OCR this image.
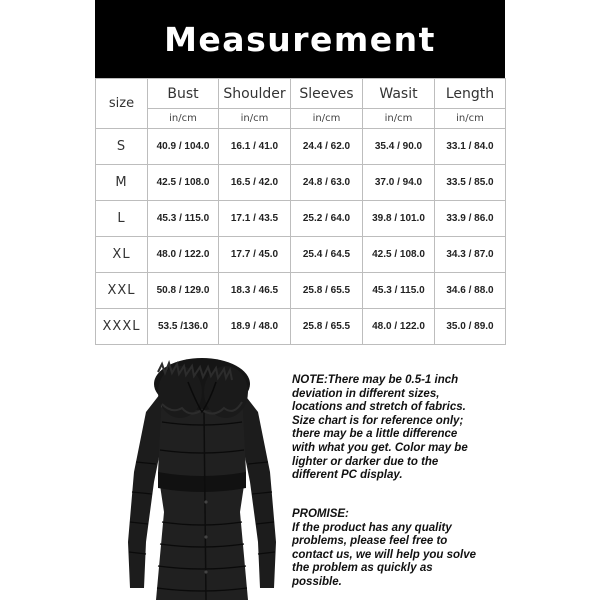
Measurement
size	Bust	Shoulder	Sleeves	Wasit	Length
	in/cm	in/cm	in/cm	in/cm	in/cm
S	40.9 / 104.0	16.1 / 41.0	24.4 / 62.0	35.4 / 90.0	33.1 / 84.0
M	42.5 / 108.0	16.5 / 42.0	24.8 / 63.0	37.0 / 94.0	33.5 / 85.0
L	45.3 / 115.0	17.1 / 43.5	25.2 / 64.0	39.8 / 101.0	33.9 / 86.0
XL	48.0 / 122.0	17.7 / 45.0	25.4 / 64.5	42.5 / 108.0	34.3 / 87.0
XXL	50.8 / 129.0	18.3 / 46.5	25.8 / 65.5	45.3 / 115.0	34.6 / 88.0
XXXL	53.5 /136.0	18.9 / 48.0	25.8 / 65.5	48.0 / 122.0	35.0 / 89.0
NOTE:There may be 0.5-1 inch
deviation in different sizes,
locations and stretch of fabrics.
Size chart is for reference only;
there may be a little difference
with what you get. Color may be
lighter or darker due to the
different PC display.
PROMISE:
If the product has any quality
problems, please feel free to
contact us, we will help you solve
the problem as quickly as
possible.
